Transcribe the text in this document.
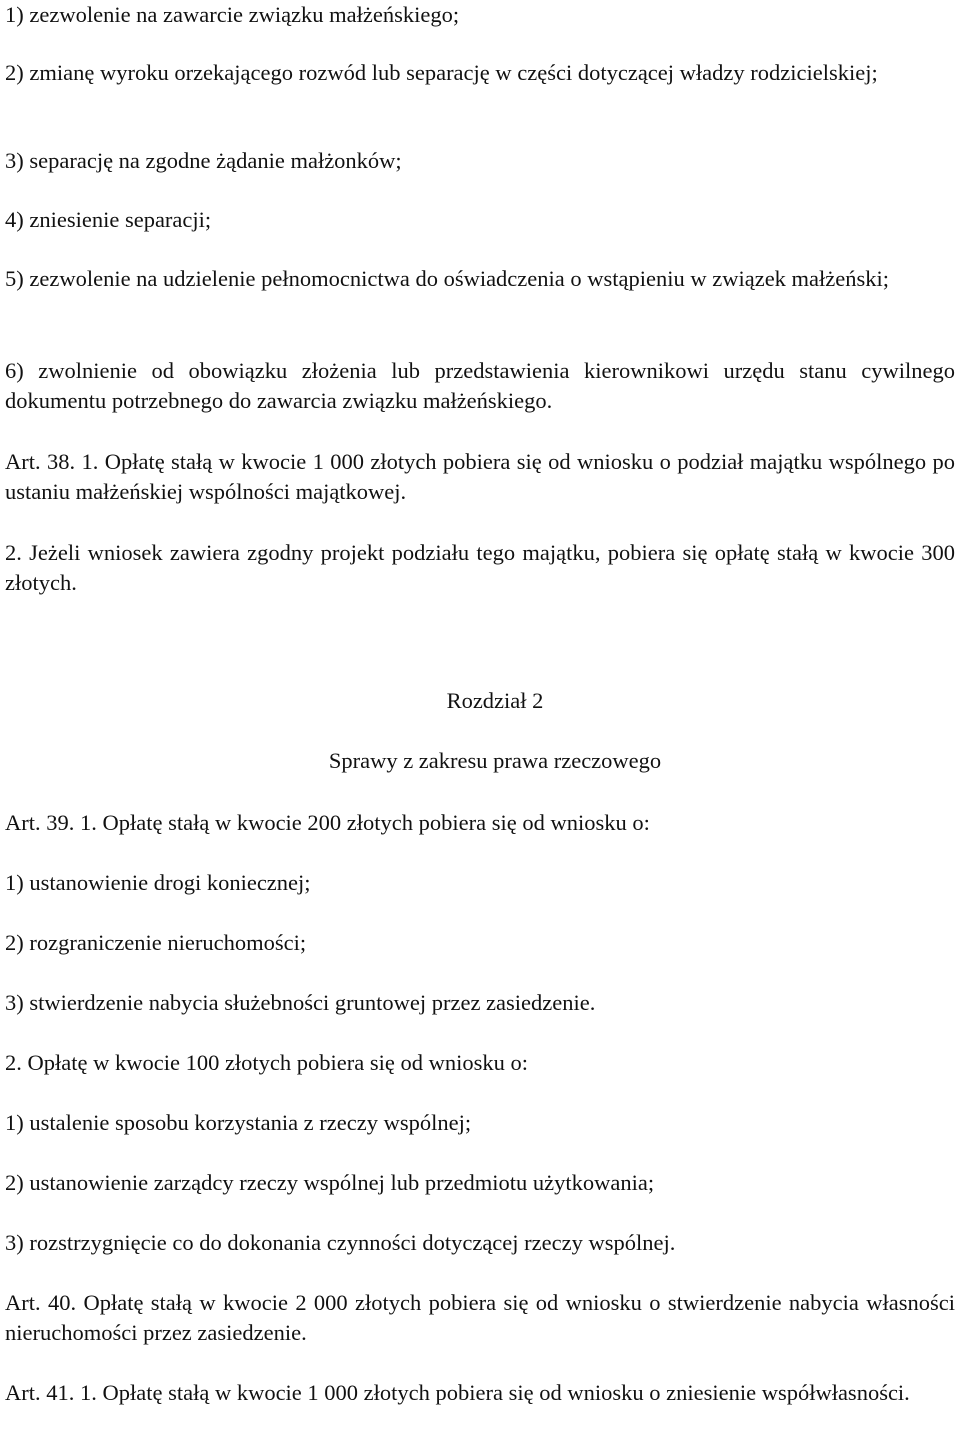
1) zezwolenie na zawarcie związku małżeńskiego;

2) zmianę wyroku orzekającego rozwód lub separację w części dotyczącej władzy rodzicielskiej;

3) separację na zgodne żądanie małżonków;

4) zniesienie separacji;

5) zezwolenie na udzielenie pełnomocnictwa do oświadczenia o wstąpieniu w związek małżeński;

6) zwolnienie od obowiązku złożenia lub przedstawienia kierownikowi urzędu stanu cywilnego dokumentu potrzebnego do zawarcia związku małżeńskiego.

Art. 38. 1. Opłatę stałą w kwocie 1 000 złotych pobiera się od wniosku o podział majątku wspólnego po ustaniu małżeńskiej wspólności majątkowej.

2. Jeżeli wniosek zawiera zgodny projekt podziału tego majątku, pobiera się opłatę stałą w kwocie 300 złotych.

Rozdział 2

Sprawy z zakresu prawa rzeczowego

Art. 39. 1. Opłatę stałą w kwocie 200 złotych pobiera się od wniosku o:

1) ustanowienie drogi koniecznej;

2) rozgraniczenie nieruchomości;

3) stwierdzenie nabycia służebności gruntowej przez zasiedzenie.

2. Opłatę w kwocie 100 złotych pobiera się od wniosku o:

1) ustalenie sposobu korzystania z rzeczy wspólnej;

2) ustanowienie zarządcy rzeczy wspólnej lub przedmiotu użytkowania;

3) rozstrzygnięcie co do dokonania czynności dotyczącej rzeczy wspólnej.

Art. 40. Opłatę stałą w kwocie 2 000 złotych pobiera się od wniosku o stwierdzenie nabycia własności nieruchomości przez zasiedzenie.

Art. 41. 1. Opłatę stałą w kwocie 1 000 złotych pobiera się od wniosku o zniesienie współwłasności.
